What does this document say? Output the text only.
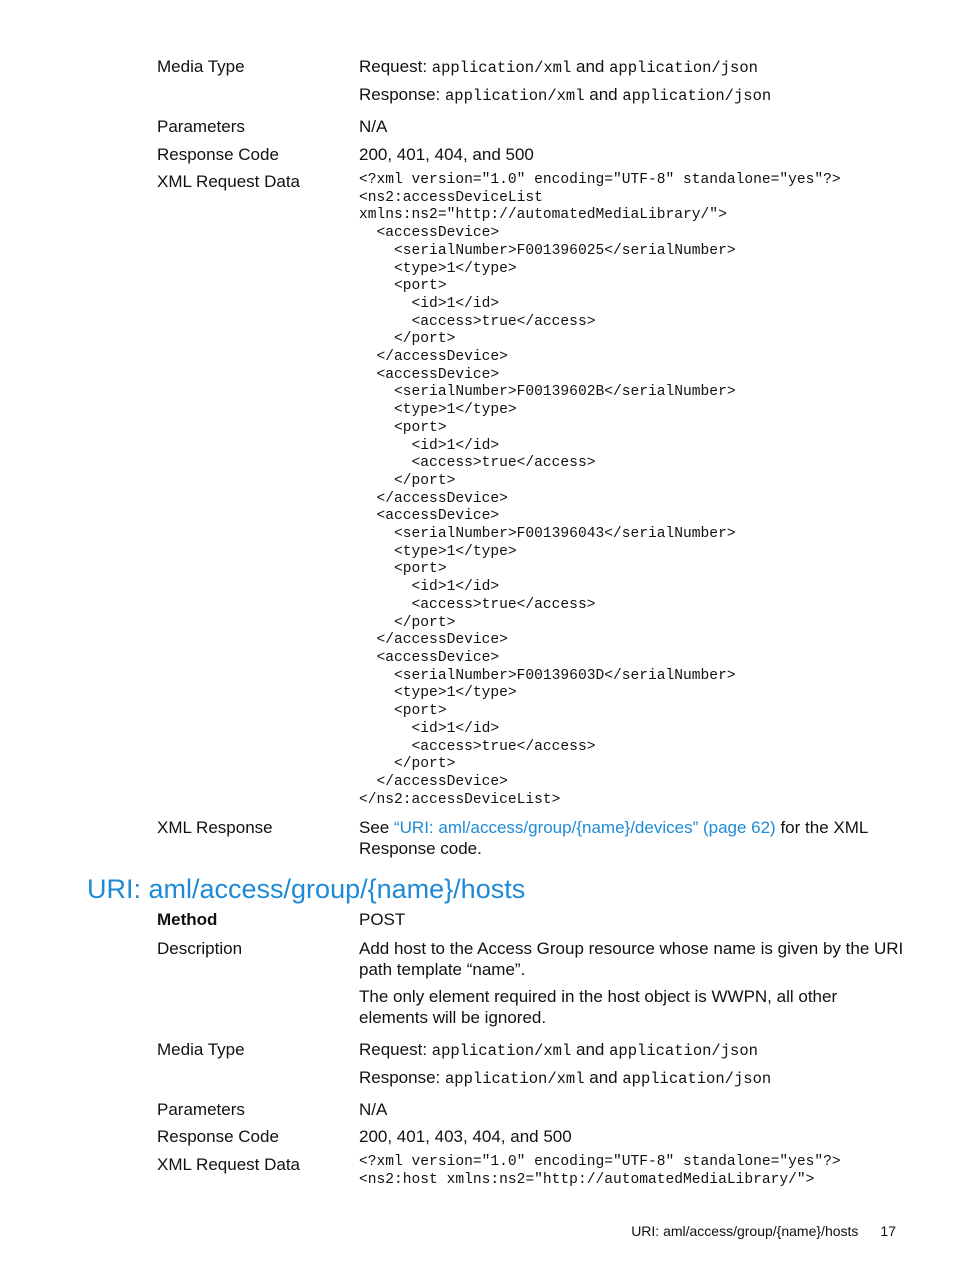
Media Type	Request: application/xml and application/json
Response: application/xml and application/json
Parameters	N/A
Response Code	200, 401, 404, and 500
XML Request Data	<?xml version="1.0" encoding="UTF-8" standalone="yes"?>
<ns2:accessDeviceList
xmlns:ns2="http://automatedMediaLibrary/">
<accessDevice>
<serialNumber>F001396025</serialNumber>
<type>1</type>
<port>
<id>1</id>
<access>true</access>
</port>
</accessDevice>
<accessDevice>
<serialNumber>F00139602B</serialNumber>
<type>1</type>
<port>
<id>1</id>
<access>true</access>
</port>
</accessDevice>
<accessDevice>
<serialNumber>F001396043</serialNumber>
<type>1</type>
<port>
<id>1</id>
<access>true</access>
</port>
</accessDevice>
<accessDevice>
<serialNumber>F00139603D</serialNumber>
<type>1</type>
<port>
<id>1</id>
<access>true</access>
</port>
</accessDevice>
</ns2:accessDeviceList>
XML Response	See “URI: aml/access/group/{name}/devices” (page 62) for the XML Response code.
URI: aml/access/group/{name}/hosts
Method	POST
Description	Add host to the Access Group resource whose name is given by the URI path template “name”.
The only element required in the host object is WWPN, all other elements will be ignored.
Media Type	Request: application/xml and application/json
Response: application/xml and application/json
Parameters	N/A
Response Code	200, 401, 403, 404, and 500
XML Request Data	<?xml version="1.0" encoding="UTF-8" standalone="yes"?>
<ns2:host xmlns:ns2="http://automatedMediaLibrary/">
URI: aml/access/group/{name}/hosts 17
